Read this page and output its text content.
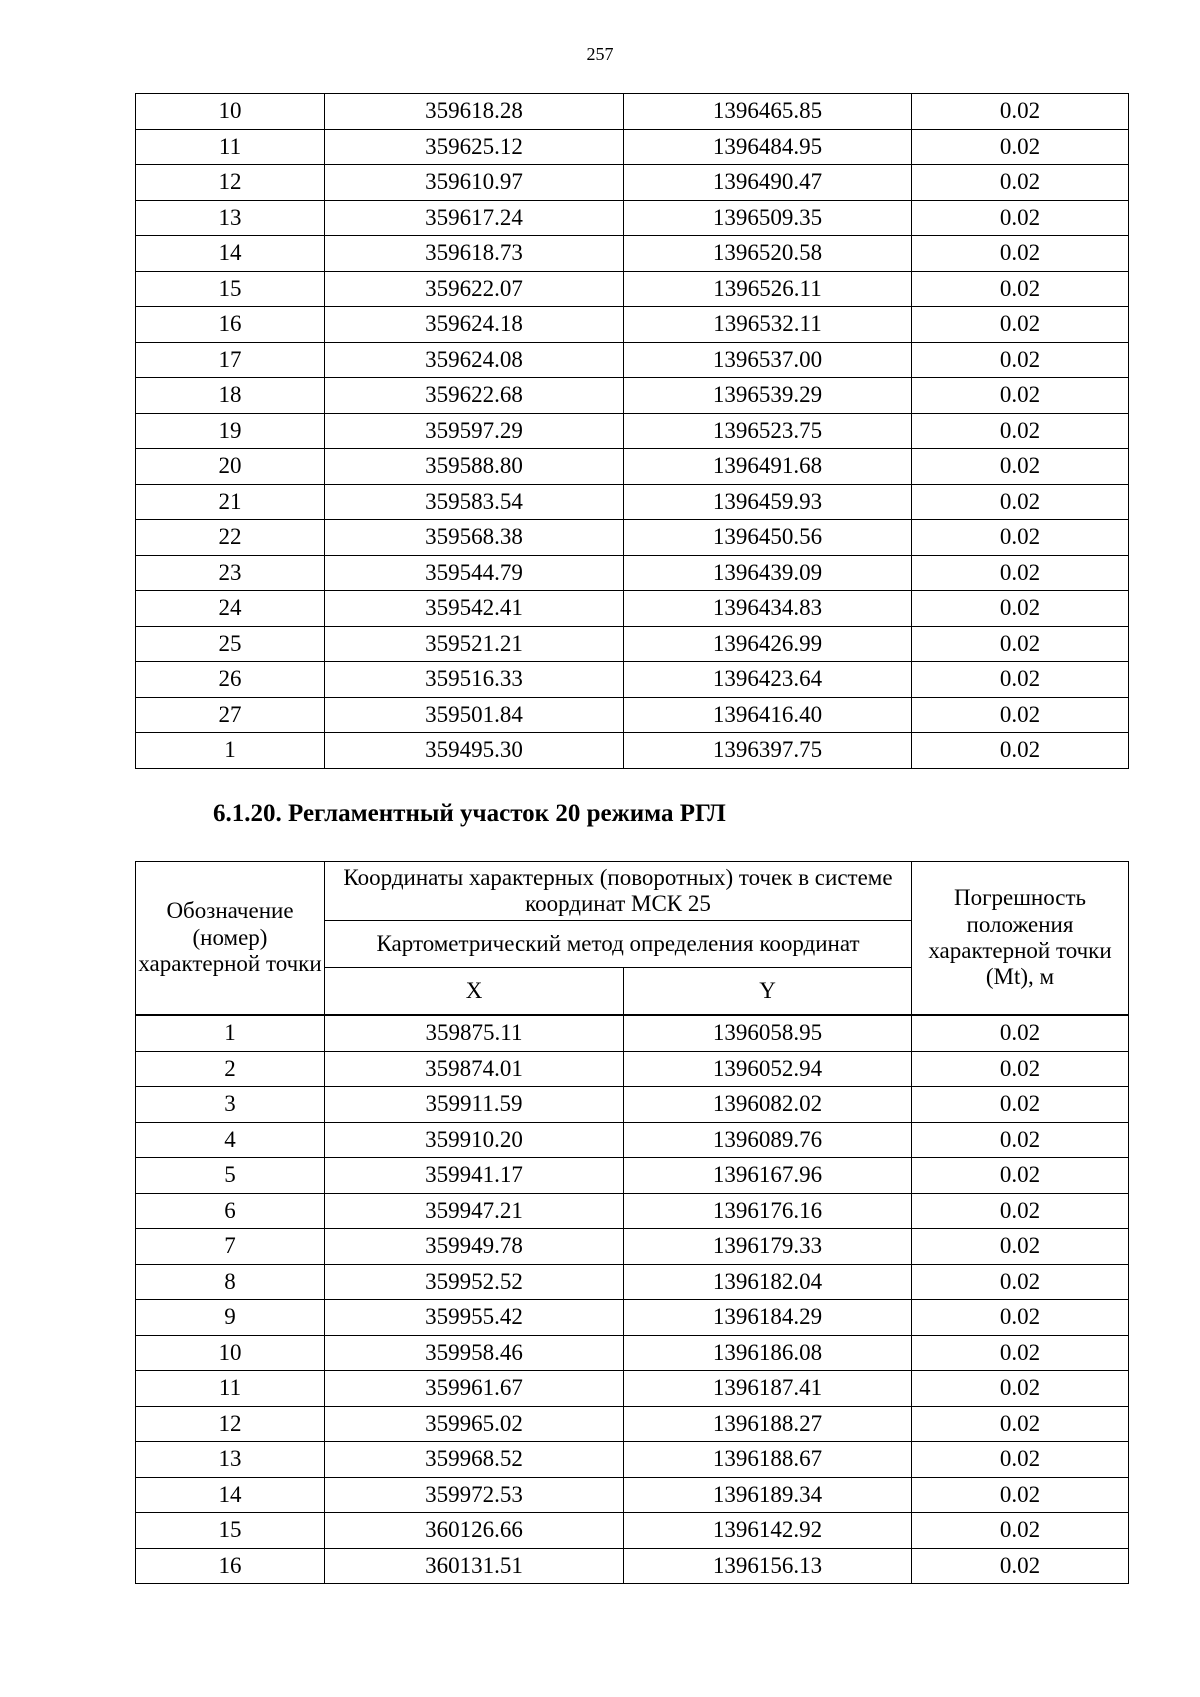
257
10	359618.28	1396465.85	0.02
11	359625.12	1396484.95	0.02
12	359610.97	1396490.47	0.02
13	359617.24	1396509.35	0.02
14	359618.73	1396520.58	0.02
15	359622.07	1396526.11	0.02
16	359624.18	1396532.11	0.02
17	359624.08	1396537.00	0.02
18	359622.68	1396539.29	0.02
19	359597.29	1396523.75	0.02
20	359588.80	1396491.68	0.02
21	359583.54	1396459.93	0.02
22	359568.38	1396450.56	0.02
23	359544.79	1396439.09	0.02
24	359542.41	1396434.83	0.02
25	359521.21	1396426.99	0.02
26	359516.33	1396423.64	0.02
27	359501.84	1396416.40	0.02
1	359495.30	1396397.75	0.02
6.1.20. Регламентный участок 20 режима РГЛ
Обозначение (номер) характерной точки	Координаты характерных (поворотных) точек в системе координат МСК 25		Погрешность положения характерной точки (Mt), м
	Картометрический метод определения координат		
	X	Y	
1	359875.11	1396058.95	0.02
2	359874.01	1396052.94	0.02
3	359911.59	1396082.02	0.02
4	359910.20	1396089.76	0.02
5	359941.17	1396167.96	0.02
6	359947.21	1396176.16	0.02
7	359949.78	1396179.33	0.02
8	359952.52	1396182.04	0.02
9	359955.42	1396184.29	0.02
10	359958.46	1396186.08	0.02
11	359961.67	1396187.41	0.02
12	359965.02	1396188.27	0.02
13	359968.52	1396188.67	0.02
14	359972.53	1396189.34	0.02
15	360126.66	1396142.92	0.02
16	360131.51	1396156.13	0.02
